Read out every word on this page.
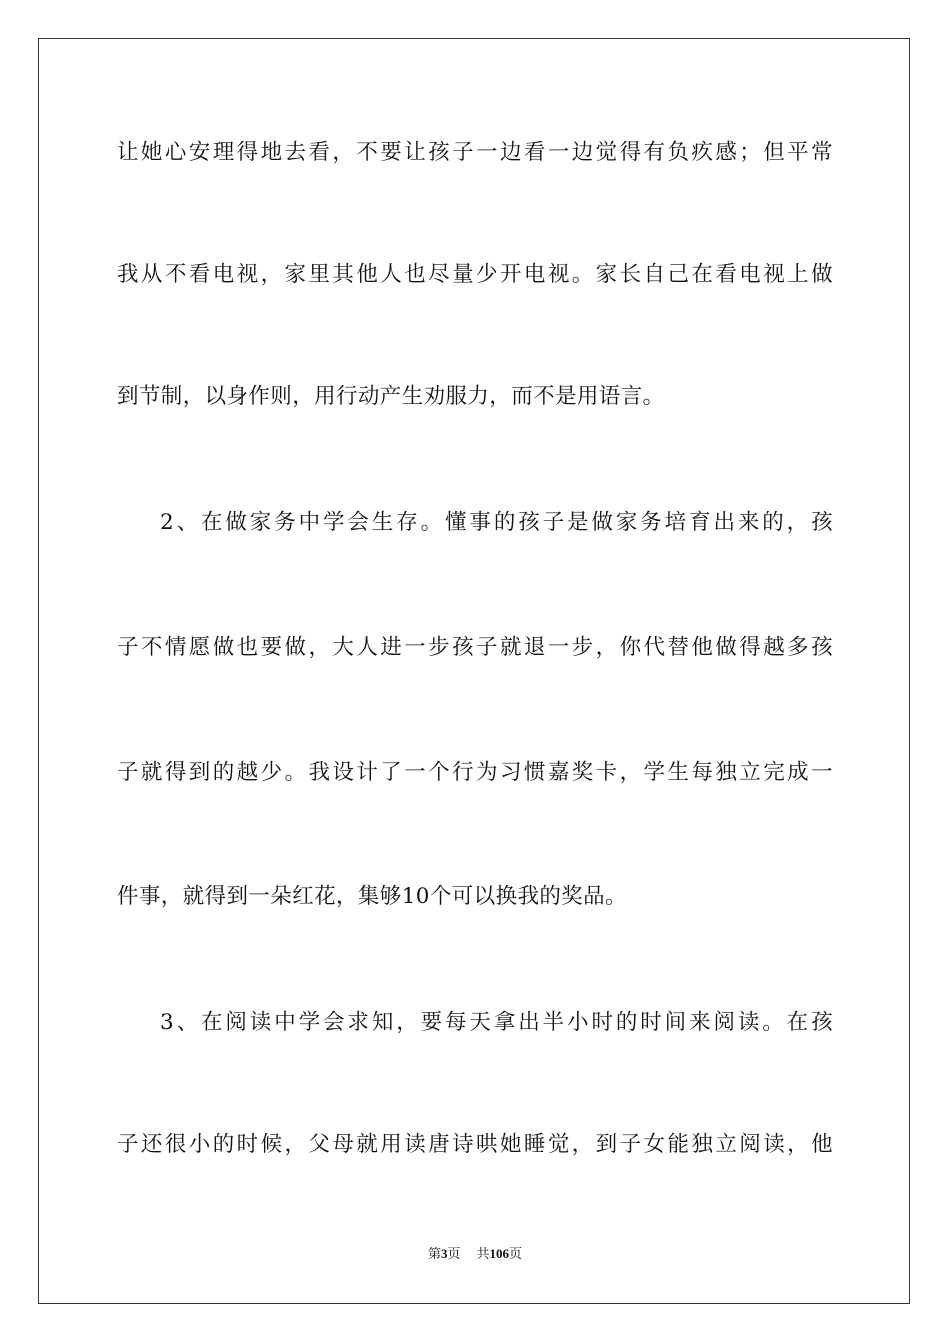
让她心安理得地去看，不要让孩子一边看一边觉得有负疚感；但平常
我从不看电视，家里其他人也尽量少开电视。家长自己在看电视上做
到节制，以身作则，用行动产生劝服力，而不是用语言。
2、在做家务中学会生存。懂事的孩子是做家务培育出来的，孩
子不情愿做也要做，大人进一步孩子就退一步，你代替他做得越多孩
子就得到的越少。我设计了一个行为习惯嘉奖卡，学生每独立完成一
件事，就得到一朵红花，集够10个可以换我的奖品。
3、在阅读中学会求知，要每天拿出半小时的时间来阅读。在孩
子还很小的时候，父母就用读唐诗哄她睡觉，到子女能独立阅读，他
第3页 共106页
